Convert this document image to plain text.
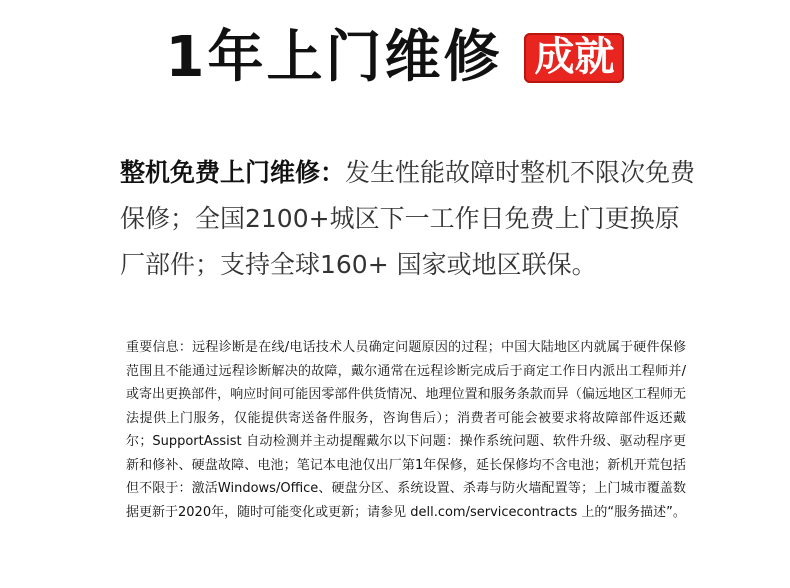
1年上门维修 成就
整机免费上门维修：发生性能故障时整机不限次免费保修；全国2100+城区下一工作日免费上门更换原厂部件；支持全球160+ 国家或地区联保。
重要信息：远程诊断是在线/电话技术人员确定问题原因的过程；中国大陆地区内就属于硬件保修范围且不能通过远程诊断解决的故障，戴尔通常在远程诊断完成后于商定工作日内派出工程师并/或寄出更换部件，响应时间可能因零部件供货情况、地理位置和服务条款而异（偏远地区工程师无法提供上门服务，仅能提供寄送备件服务，咨询售后）；消费者可能会被要求将故障部件返还戴尔；SupportAssist 自动检测并主动提醒戴尔以下问题：操作系统问题、软件升级、驱动程序更新和修补、硬盘故障、电池；笔记本电池仅出厂第1年保修，延长保修均不含电池；新机开荒包括但不限于：激活Windows/Office、硬盘分区、系统设置、杀毒与防火墙配置等；上门城市覆盖数据更新于2020年，随时可能变化或更新；请参见 dell.com/servicecontracts 上的“服务描述”。
